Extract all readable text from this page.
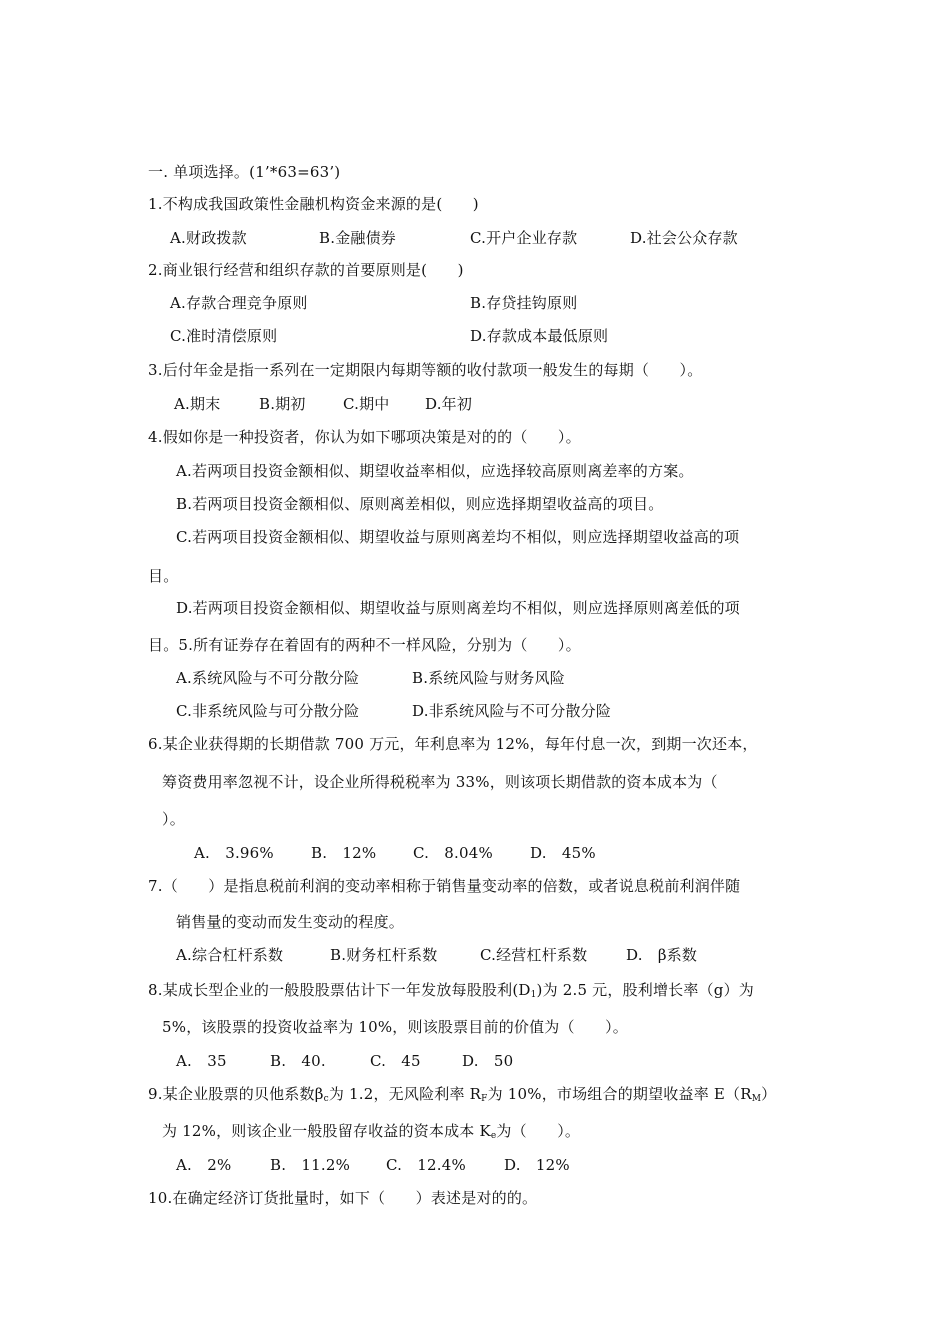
一. 单项选择。(1’*63=63’)
1.不构成我国政策性金融机构资金来源的是(　　)
A.财政拨款	B.金融债券	C.开户企业存款	D.社会公众存款
2.商业银行经营和组织存款的首要原则是(　　)
A.存款合理竞争原则	B.存贷挂钩原则
C.准时清偿原则	D.存款成本最低原则
3.后付年金是指一系列在一定期限内每期等额的收付款项一般发生的每期（　　）。
A.期末	B.期初 C.期中 D.年初
4.假如你是一种投资者，你认为如下哪项决策是对的的（　　）。
A.若两项目投资金额相似、期望收益率相似，应选择较高原则离差率的方案。
B.若两项目投资金额相似、原则离差相似，则应选择期望收益高的项目。
C.若两项目投资金额相似、期望收益与原则离差均不相似，则应选择期望收益高的项
目。
D.若两项目投资金额相似、期望收益与原则离差均不相似，则应选择原则离差低的项
目。5.所有证券存在着固有的两种不一样风险，分别为（　　）。
A.系统风险与不可分散分险	B.系统风险与财务风险
C.非系统风险与可分散分险	D.非系统风险与不可分散分险
6.某企业获得期的长期借款 700 万元，年利息率为 12%，每年付息一次，到期一次还本，
筹资费用率忽视不计，设企业所得税税率为 33%，则该项长期借款的资本成本为（
）。
A.　3.96% B.　12% C.　8.04% D.　45%
7.（　　）是指息税前利润的变动率相称于销售量变动率的倍数，或者说息税前利润伴随
销售量的变动而发生变动的程度。
A.综合杠杆系数	B.财务杠杆系数	C.经营杠杆系数	D.　β系数
8.某成长型企业的一般股股票估计下一年发放每股股利$(D_1)$为 2.5 元，股利增长率（g）为
5%，该股票的投资收益率为 10%，则该股票目前的价值为（　　）。
A.　35	B.　40.	C.　45	D.　50
9.某企业股票的贝他系数$\beta_c$为 1.2，无风险利率 $R_F$为 10%，市场组合的期望收益率 $E(R_M)$
为 12%，则该企业一般股留存收益的资本成本 $K_e$为（　　）。
A.　2%	B.　11.2% C.　12.4%	D.　12%
10.在确定经济订货批量时，如下（　　）表述是对的的。
